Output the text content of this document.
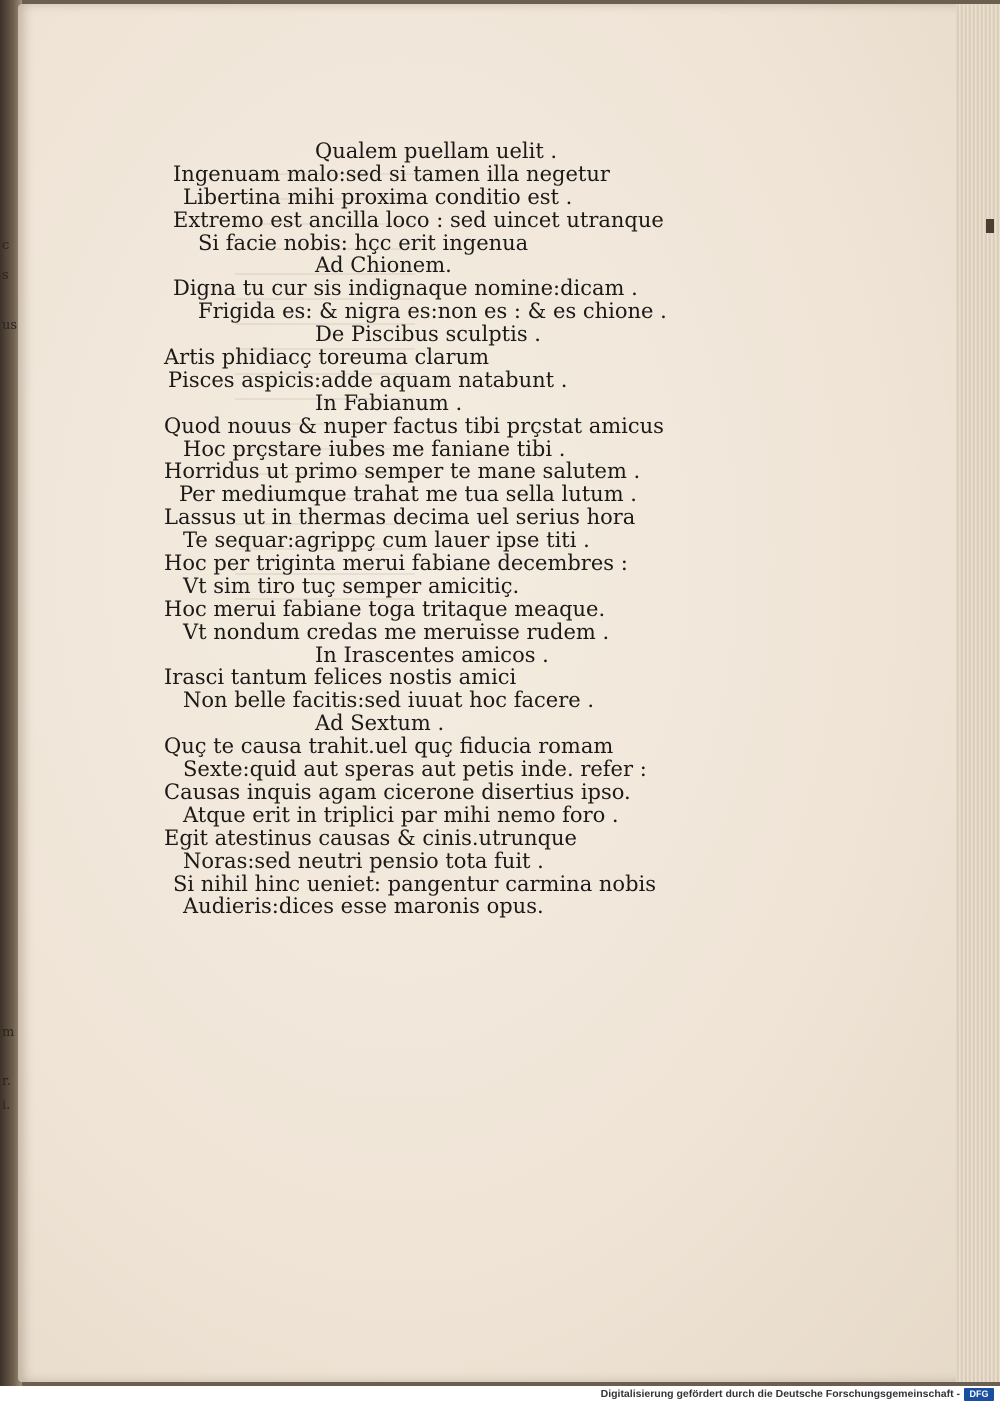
c
s
us
m
r.
i.
Qualem puellam uelit .
Ingenuam malo:sed si tamen illa negetur
Libertina mihi proxima conditio est .
Extremo est ancilla loco : sed uincet utranque
Si facie nobis: hçc erit ingenua
Ad Chionem.
Digna tu cur sis indignaque nomine:dicam .
Frigida es: & nigra es:non es : & es chione .
De Piscibus sculptis .
Artis phidiacç toreuma clarum
Pisces aspicis:adde aquam natabunt .
In Fabianum .
Quod nouus & nuper factus tibi prçstat amicus
Hoc prçstare iubes me faniane tibi .
Horridus ut primo semper te mane salutem .
Per mediumque trahat me tua sella lutum .
Lassus ut in thermas decima uel serius hora
Te sequar:agrippç cum lauer ipse titi .
Hoc per triginta merui fabiane decembres :
Vt sim tiro tuç semper amicitiç.
Hoc merui fabiane toga tritaque meaque.
Vt nondum credas me meruisse rudem .
In Irascentes amicos .
Irasci tantum felices nostis amici
Non belle facitis:sed iuuat hoc facere .
Ad Sextum .
Quç te causa trahit.uel quç fiducia romam
Sexte:quid aut speras aut petis inde. refer :
Causas inquis agam cicerone disertius ipso.
Atque erit in triplici par mihi nemo foro .
Egit atestinus causas & cinis.utrunque
Noras:sed neutri pensio tota fuit .
Si nihil hinc ueniet: pangentur carmina nobis
Audieris:dices esse maronis opus.
Digitalisierung gefördert durch die Deutsche Forschungsgemeinschaft -	DFG
